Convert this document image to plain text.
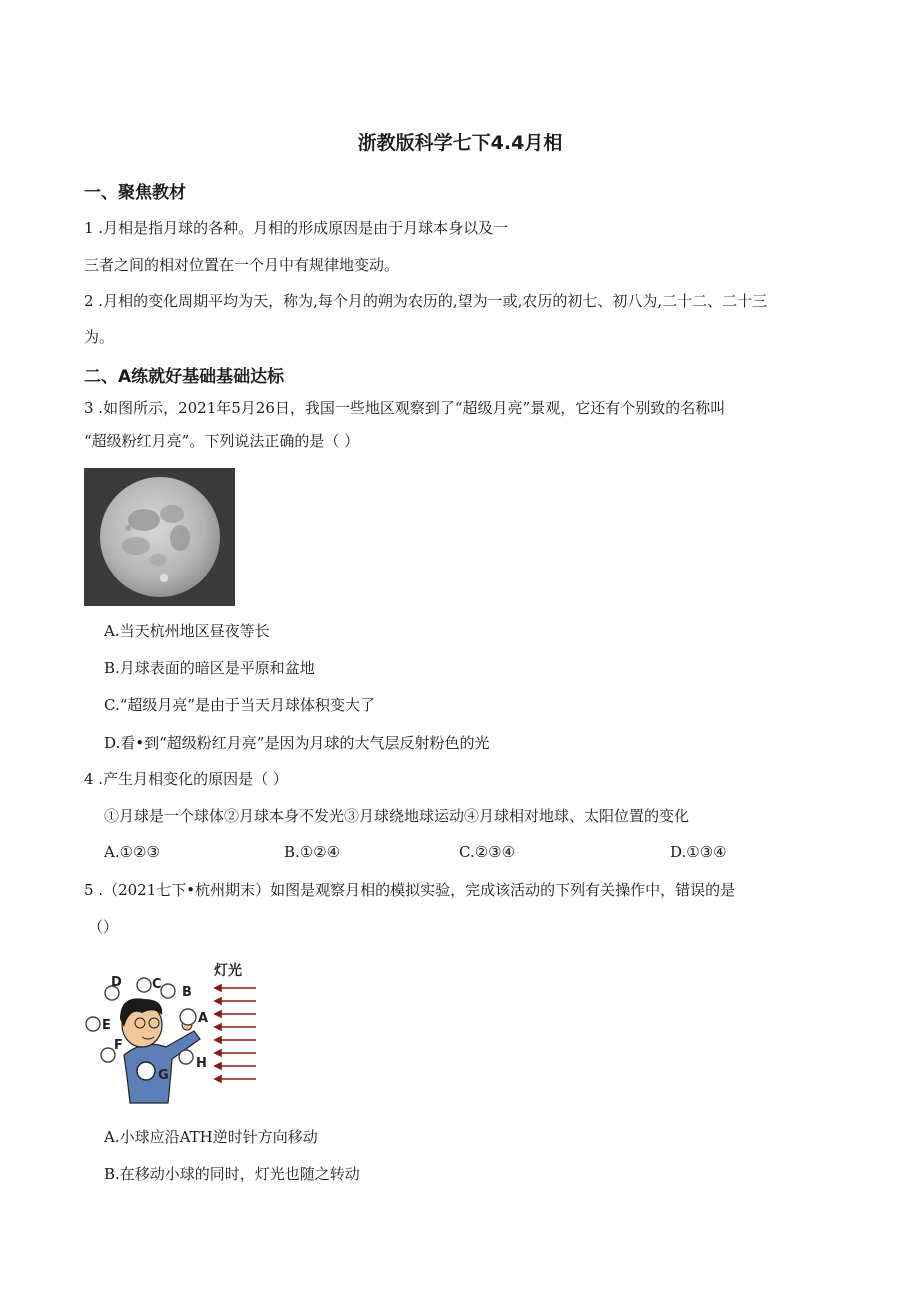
浙教版科学七下4.4月相
一、聚焦教材
1 .月相是指月球的各种。月相的形成原因是由于月球本身以及一
三者之间的相对位置在一个月中有规律地变动。
2 .月相的变化周期平均为天，称为,每个月的朔为农历的,望为一或,农历的初七、初八为,二十二、二十三
为。
二、A练就好基础基础达标
3 .如图所示，2021年5月26日，我国一些地区观察到了“超级月亮”景观，它还有个别致的名称叫
“超级粉红月亮”。下列说法正确的是（ ）
A.当天杭州地区昼夜等长
B.月球表面的暗区是平原和盆地
C.“超级月亮”是由于当天月球体积变大了
D.看•到“超级粉红月亮”是因为月球的大气层反射粉色的光
4 .产生月相变化的原因是（ ）
①月球是一个球体②月球本身不发光③月球绕地球运动④月球相对地球、太阳位置的变化
A.①②③	B.①②④	C.②③④	D.①③④
5 .（2021七下•杭州期末）如图是观察月相的模拟实验，完成该活动的下列有关操作中，错误的是
（）
灯光
A
B
C
D
E
F
G
H
A.小球应沿ATH逆时针方向移动
B.在移动小球的同时，灯光也随之转动
